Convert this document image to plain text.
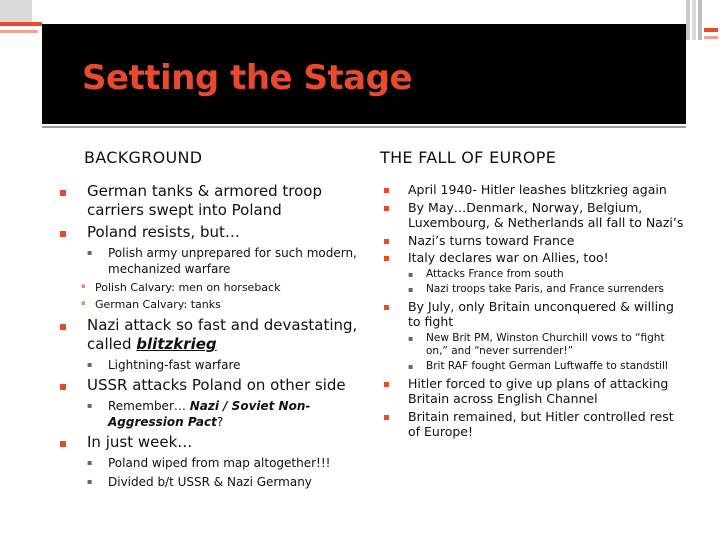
Setting the Stage
BACKGROUND	THE FALL OF EUROPE
German tanks & armored troop carriers swept into Poland
Poland resists, but…
▪ Polish army unprepared for such modern, mechanized warfare
▪ Polish Calvary: men on horseback
▪ German Calvary: tanks
Nazi attack so fast and devastating, called blitzkrieg
▪ Lightning-fast warfare
USSR attacks Poland on other side
▪ Remember… Nazi / Soviet Non-Aggression Pact?
In just week…
▪ Poland wiped from map altogether!!!
▪ Divided b/t USSR & Nazi Germany
April 1940- Hitler leashes blitzkrieg again
By May…Denmark, Norway, Belgium, Luxembourg, & Netherlands all fall to Nazi’s
Nazi’s turns toward France
Italy declares war on Allies, too!
▪ Attacks France from south
▪ Nazi troops take Paris, and France surrenders
By July, only Britain unconquered & willing to fight
▪ New Brit PM, Winston Churchill vows to “fight on,” and “never surrender!”
▪ Brit RAF fought German Luftwaffe to standstill
Hitler forced to give up plans of attacking Britain across English Channel
Britain remained, but Hitler controlled rest of Europe!
